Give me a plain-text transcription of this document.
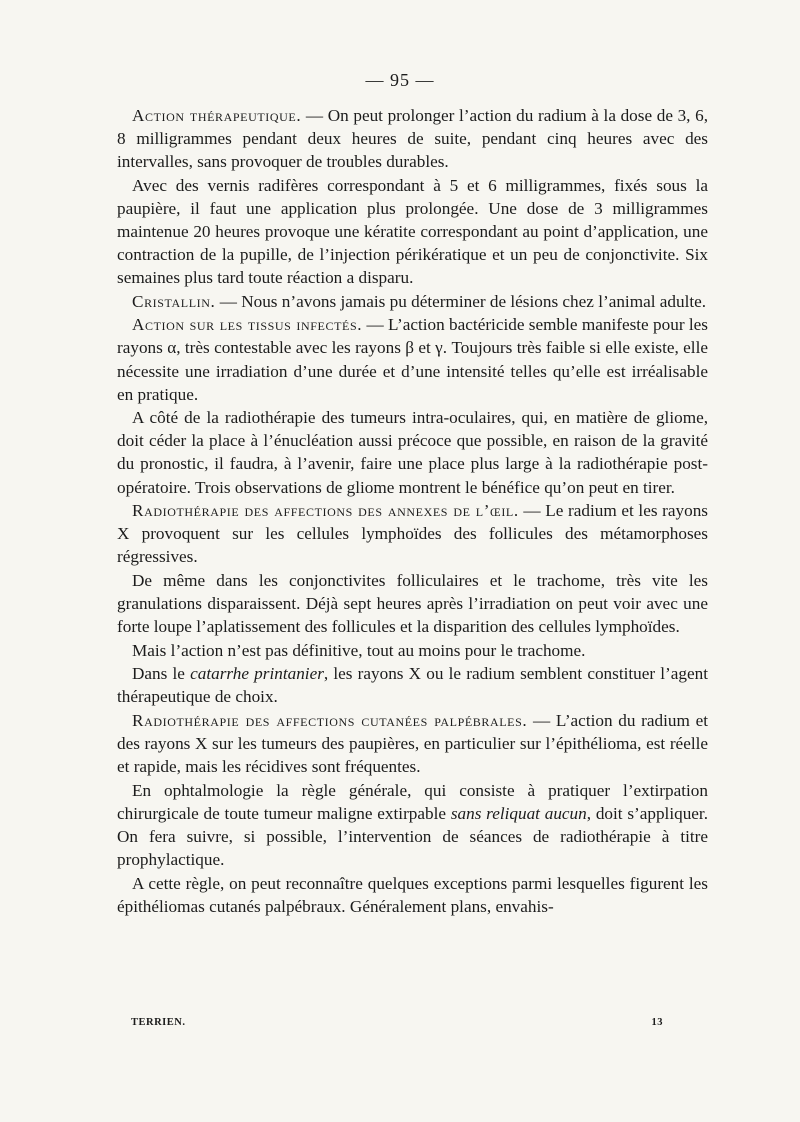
— 95 —

Action thérapeutique. — On peut prolonger l’action du radium à la dose de 3, 6, 8 milligrammes pendant deux heures de suite, pendant cinq heures avec des intervalles, sans provoquer de troubles durables.

Avec des vernis radifères correspondant à 5 et 6 milligrammes, fixés sous la paupière, il faut une application plus prolongée. Une dose de 3 milligrammes maintenue 20 heures provoque une kératite correspondant au point d’application, une contraction de la pupille, de l’injection périkératique et un peu de conjonctivite. Six semaines plus tard toute réaction a disparu.

Cristallin. — Nous n’avons jamais pu déterminer de lésions chez l’animal adulte.

Action sur les tissus infectés. — L’action bactéricide semble manifeste pour les rayons α, très contestable avec les rayons β et γ. Toujours très faible si elle existe, elle nécessite une irradiation d’une durée et d’une intensité telles qu’elle est irréalisable en pratique.

A côté de la radiothérapie des tumeurs intra-oculaires, qui, en matière de gliome, doit céder la place à l’énucléation aussi précoce que possible, en raison de la gravité du pronostic, il faudra, à l’avenir, faire une place plus large à la radiothérapie post-opératoire. Trois observations de gliome montrent le bénéfice qu’on peut en tirer.

Radiothérapie des affections des annexes de l’œil. — Le radium et les rayons X provoquent sur les cellules lymphoïdes des follicules des métamorphoses régressives.

De même dans les conjonctivites folliculaires et le trachome, très vite les granulations disparaissent. Déjà sept heures après l’irradiation on peut voir avec une forte loupe l’aplatissement des follicules et la disparition des cellules lymphoïdes.

Mais l’action n’est pas définitive, tout au moins pour le trachome.

Dans le catarrhe printanier, les rayons X ou le radium semblent constituer l’agent thérapeutique de choix.

Radiothérapie des affections cutanées palpébrales. — L’action du radium et des rayons X sur les tumeurs des paupières, en particulier sur l’épithélioma, est réelle et rapide, mais les récidives sont fréquentes.

En ophtalmologie la règle générale, qui consiste à pratiquer l’extirpation chirurgicale de toute tumeur maligne extirpable sans reliquat aucun, doit s’appliquer. On fera suivre, si possible, l’intervention de séances de radiothérapie à titre prophylactique.

A cette règle, on peut reconnaître quelques exceptions parmi lesquelles figurent les épithéliomas cutanés palpébraux. Généralement plans, envahis-

TERRIEN.	13
